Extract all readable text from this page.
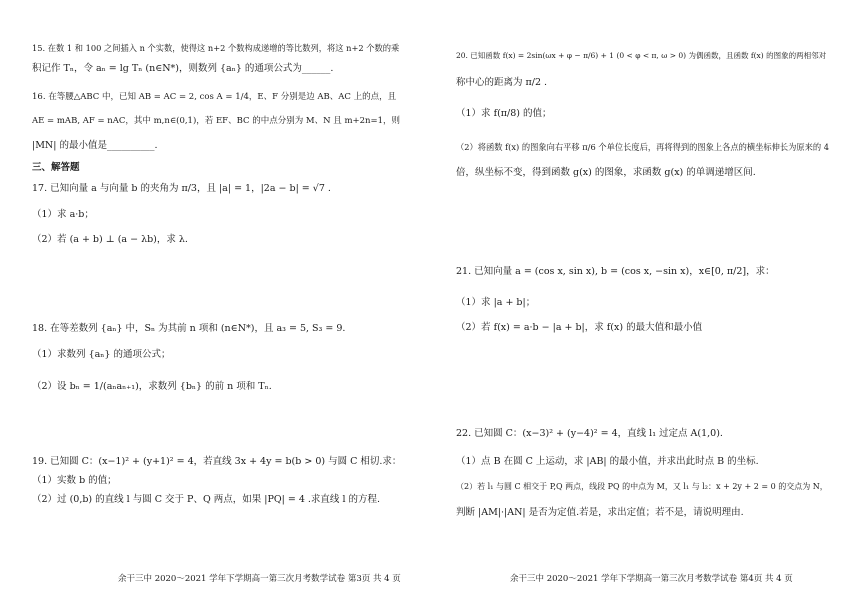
15. 在数 1 和 100 之间插入 n 个实数，使得这 n+2 个数构成递增的等比数列，将这 n+2 个数的乘
积记作 Tₙ，令 aₙ = lg Tₙ (n∈N*)，则数列 {aₙ} 的通项公式为______.
16. 在等腰△ABC 中，已知 AB = AC = 2, cos A = 1/4，E、F 分别是边 AB、AC 上的点，且
AE = mAB, AF = nAC，其中 m,n∈(0,1)，若 EF、BC 的中点分别为 M、N 且 m+2n=1，则
|MN| 的最小值是__________.
三、解答题
17. 已知向量 a 与向量 b 的夹角为 π/3，且 |a| = 1，|2a − b| = √7 .
（1）求 a·b；
（2）若 (a + b) ⊥ (a − λb)，求 λ.
18. 在等差数列 {aₙ} 中，Sₙ 为其前 n 项和 (n∈N*)，且 a₃ = 5, S₃ = 9.
（1）求数列 {aₙ} 的通项公式；
（2）设 bₙ = 1/(aₙaₙ₊₁)，求数列 {bₙ} 的前 n 项和 Tₙ.
19. 已知圆 C：(x−1)² + (y+1)² = 4，若直线 3x + 4y = b(b > 0) 与圆 C 相切.求：
（1）实数 b 的值；
（2）过 (0,b) 的直线 l 与圆 C 交于 P、Q 两点，如果 |PQ| = 4 .求直线 l 的方程.
余干三中 2020～2021 学年下学期高一第三次月考数学试卷 第3页 共 4 页
20. 已知函数 f(x) = 2sin(ωx + φ − π/6) + 1 (0 < φ < π, ω > 0) 为偶函数，且函数 f(x) 的图象的两相邻对
称中心的距离为 π/2 .
（1）求 f(π/8) 的值；
（2）将函数 f(x) 的图象向右平移 π/6 个单位长度后，再将得到的图象上各点的横坐标伸长为原来的 4
倍，纵坐标不变，得到函数 g(x) 的图象，求函数 g(x) 的单调递增区间.
21. 已知向量 a = (cos x, sin x), b = (cos x, −sin x)，x∈[0, π/2]，求：
（1）求 |a + b|；
（2）若 f(x) = a·b − |a + b|，求 f(x) 的最大值和最小值
22. 已知圆 C：(x−3)² + (y−4)² = 4，直线 l₁ 过定点 A(1,0).
（1）点 B 在圆 C 上运动，求 |AB| 的最小值，并求出此时点 B 的坐标.
（2）若 l₁ 与圆 C 相交于 P,Q 两点，线段 PQ 的中点为 M，又 l₁ 与 l₂：x + 2y + 2 = 0 的交点为 N，
判断 |AM|·|AN| 是否为定值.若是，求出定值；若不是，请说明理由.
余干三中 2020～2021 学年下学期高一第三次月考数学试卷 第4页 共 4 页
